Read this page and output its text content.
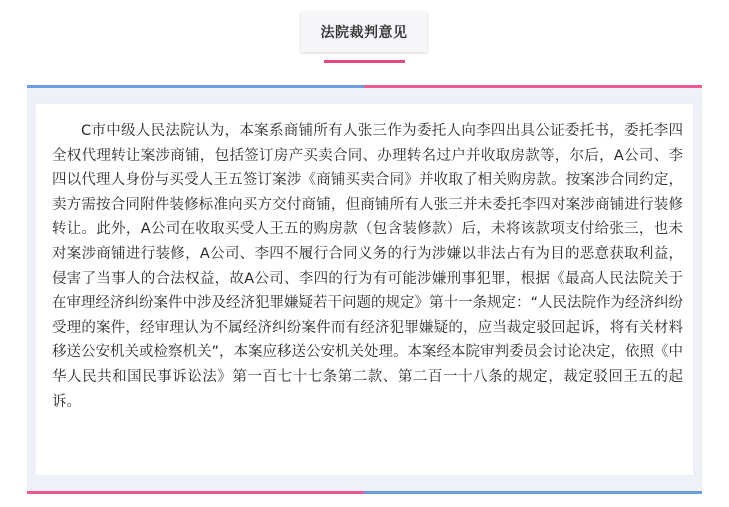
法院裁判意见

C市中级人民法院认为，本案系商铺所有人张三作为委托人向李四出具公证委托书，委托李四全权代理转让案涉商铺，包括签订房产买卖合同、办理转名过户并收取房款等，尔后，A公司、李四以代理人身份与买受人王五签订案涉《商铺买卖合同》并收取了相关购房款。按案涉合同约定，卖方需按合同附件装修标准向买方交付商铺，但商铺所有人张三并未委托李四对案涉商铺进行装修转让。此外，A公司在收取买受人王五的购房款（包含装修款）后，未将该款项支付给张三，也未对案涉商铺进行装修，A公司、李四不履行合同义务的行为涉嫌以非法占有为目的恶意获取利益，侵害了当事人的合法权益，故A公司、李四的行为有可能涉嫌刑事犯罪，根据《最高人民法院关于在审理经济纠纷案件中涉及经济犯罪嫌疑若干问题的规定》第十一条规定：“人民法院作为经济纠纷受理的案件，经审理认为不属经济纠纷案件而有经济犯罪嫌疑的，应当裁定驳回起诉，将有关材料移送公安机关或检察机关”，本案应移送公安机关处理。本案经本院审判委员会讨论决定，依照《中华人民共和国民事诉讼法》第一百七十七条第二款、第二百一十八条的规定，裁定驳回王五的起诉。
